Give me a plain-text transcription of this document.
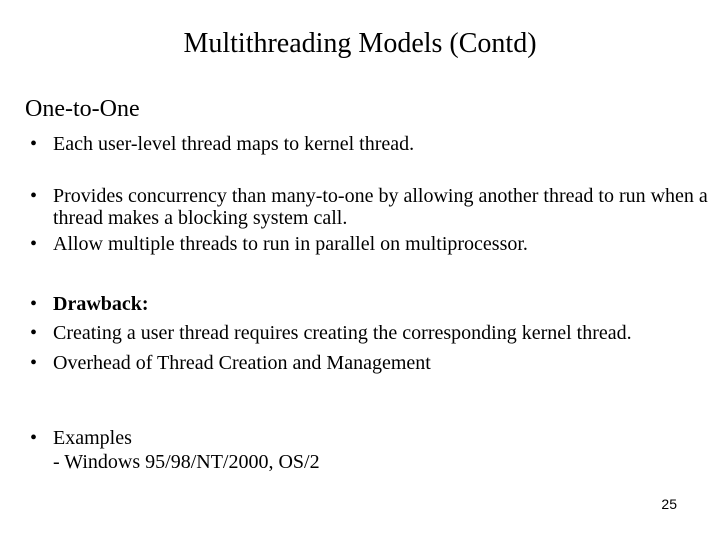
Multithreading Models (Contd)
One-to-One
• Each user-level thread maps to kernel thread.
• Provides concurrency than many-to-one by allowing another thread to run when a thread makes a blocking system call.
• Allow multiple threads to run in parallel on multiprocessor.
• Drawback:
• Creating a user thread requires creating the corresponding kernel thread.
• Overhead of Thread Creation and Management
• Examples
- Windows 95/98/NT/2000, OS/2
25
